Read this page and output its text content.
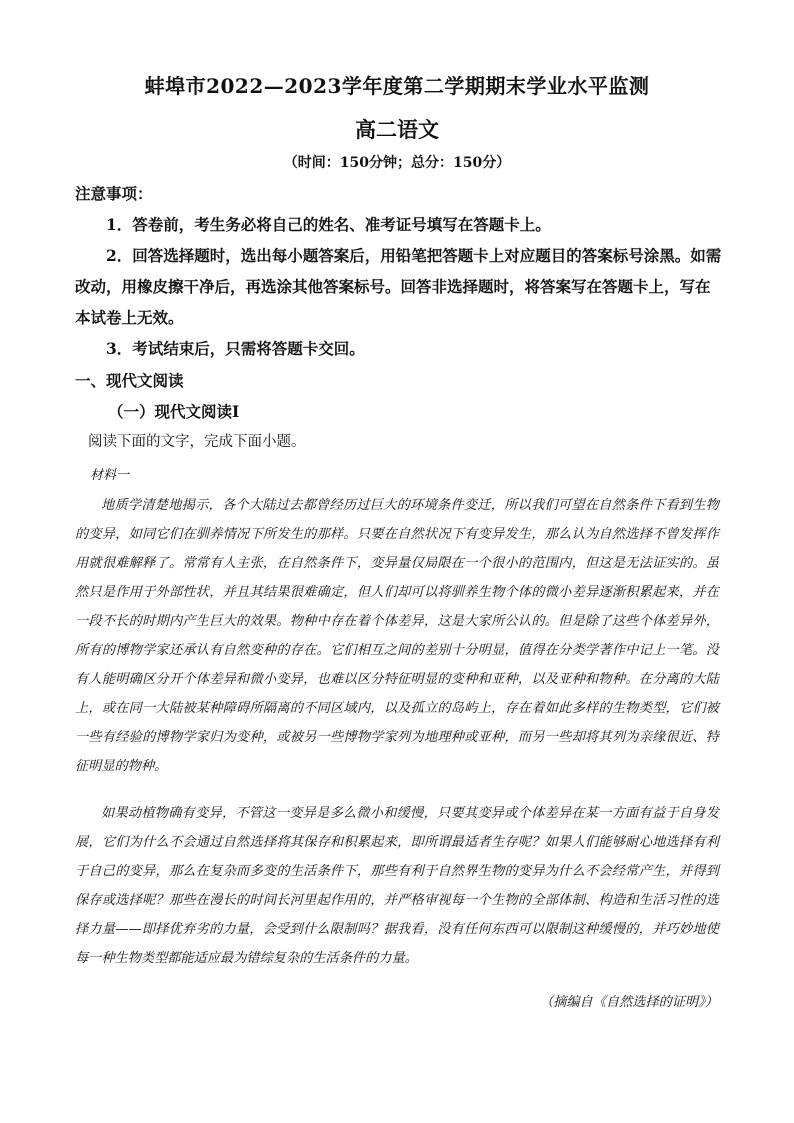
蚌埠市2022—2023学年度第二学期期末学业水平监测
高二语文
（时间：150分钟；总分：150分）

注意事项：

1．答卷前，考生务必将自己的姓名、准考证号填写在答题卡上。

2．回答选择题时，选出每小题答案后，用铅笔把答题卡上对应题目的答案标号涂黑。如需改动，用橡皮擦干净后，再选涂其他答案标号。回答非选择题时，将答案写在答题卡上，写在本试卷上无效。

3．考试结束后，只需将答题卡交回。

一、现代文阅读
（一）现代文阅读Ⅰ
阅读下面的文字，完成下面小题。
材料一

地质学清楚地揭示，各个大陆过去都曾经历过巨大的环境条件变迁，所以我们可望在自然条件下看到生物的变异，如同它们在驯养情况下所发生的那样。只要在自然状况下有变异发生，那么认为自然选择不曾发挥作用就很难解释了。常常有人主张，在自然条件下，变异量仅局限在一个很小的范围内，但这是无法证实的。虽然只是作用于外部性状，并且其结果很难确定，但人们却可以将驯养生物个体的微小差异逐渐积累起来，并在一段不长的时期内产生巨大的效果。物种中存在着个体差异，这是大家所公认的。但是除了这些个体差异外，所有的博物学家还承认有自然变种的存在。它们相互之间的差别十分明显，值得在分类学著作中记上一笔。没有人能明确区分开个体差异和微小变异，也难以区分特征明显的变种和亚种，以及亚种和物种。在分离的大陆上，或在同一大陆被某种障碍所隔离的不同区域内，以及孤立的岛屿上，存在着如此多样的生物类型，它们被一些有经验的博物学家归为变种，或被另一些博物学家列为地理种或亚种，而另一些却将其列为亲缘很近、特征明显的物种。

如果动植物确有变异，不管这一变异是多么微小和缓慢，只要其变异或个体差异在某一方面有益于自身发展，它们为什么不会通过自然选择将其保存和积累起来，即所谓最适者生存呢？如果人们能够耐心地选择有利于自己的变异，那么在复杂而多变的生活条件下，那些有利于自然界生物的变异为什么不会经常产生，并得到保存或选择呢？那些在漫长的时间长河里起作用的，并严格审视每一个生物的全部体制、构造和生活习性的选择力量——即择优弃劣的力量，会受到什么限制吗？据我看，没有任何东西可以限制这种缓慢的，并巧妙地使每一种生物类型都能适应最为错综复杂的生活条件的力量。

（摘编自《自然选择的证明》）
